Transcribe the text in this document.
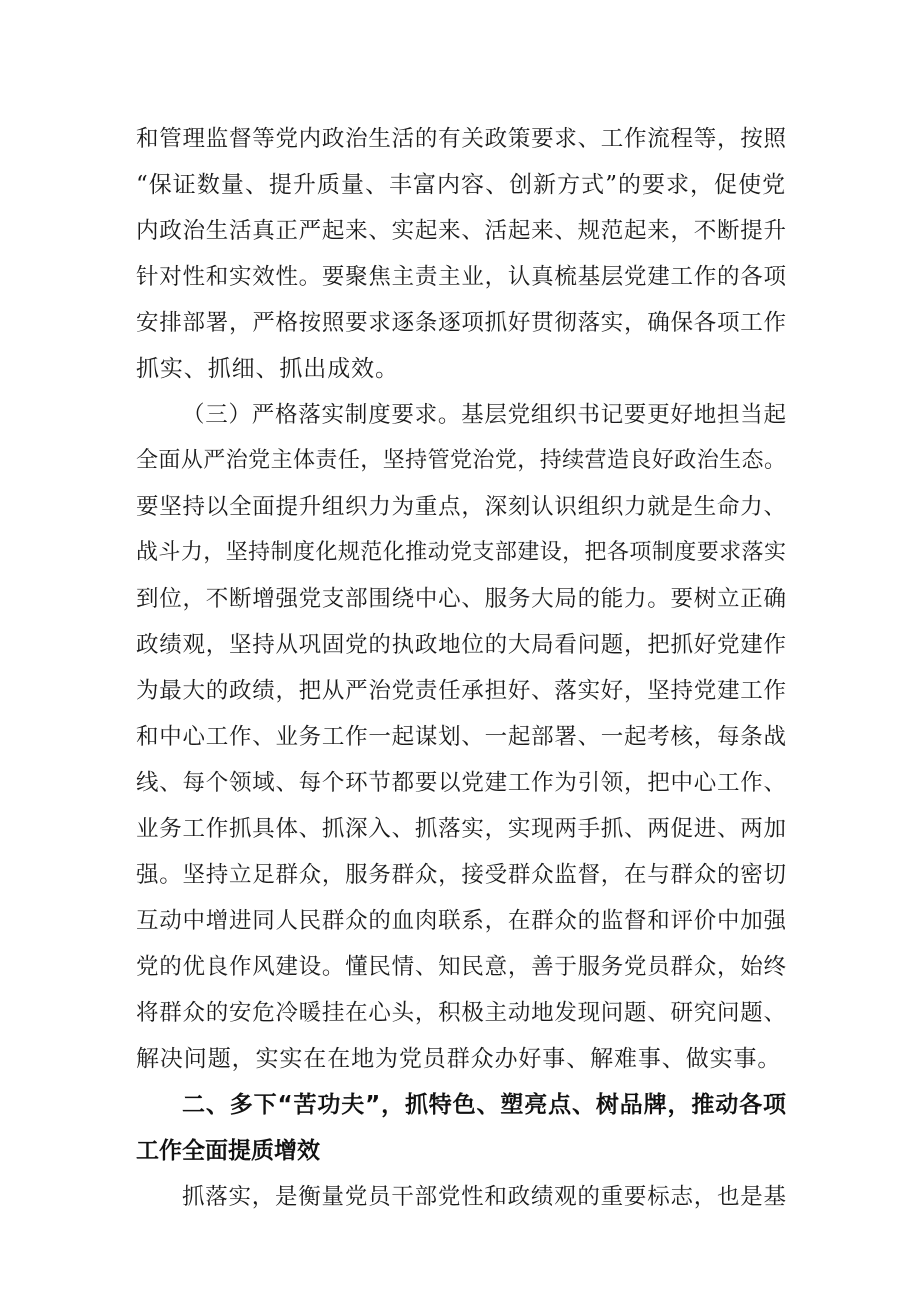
和管理监督等党内政治生活的有关政策要求、工作流程等，按照
“保证数量、提升质量、丰富内容、创新方式”的要求，促使党
内政治生活真正严起来、实起来、活起来、规范起来，不断提升
针对性和实效性。要聚焦主责主业，认真梳基层党建工作的各项
安排部署，严格按照要求逐条逐项抓好贯彻落实，确保各项工作
抓实、抓细、抓出成效。
（三）严格落实制度要求。基层党组织书记要更好地担当起
全面从严治党主体责任，坚持管党治党，持续营造良好政治生态。
要坚持以全面提升组织力为重点，深刻认识组织力就是生命力、
战斗力，坚持制度化规范化推动党支部建设，把各项制度要求落实
到位，不断增强党支部围绕中心、服务大局的能力。要树立正确
政绩观，坚持从巩固党的执政地位的大局看问题，把抓好党建作
为最大的政绩，把从严治党责任承担好、落实好，坚持党建工作
和中心工作、业务工作一起谋划、一起部署、一起考核，每条战
线、每个领域、每个环节都要以党建工作为引领，把中心工作、
业务工作抓具体、抓深入、抓落实，实现两手抓、两促进、两加
强。坚持立足群众，服务群众，接受群众监督，在与群众的密切
互动中增进同人民群众的血肉联系，在群众的监督和评价中加强
党的优良作风建设。懂民情、知民意，善于服务党员群众，始终
将群众的安危冷暖挂在心头，积极主动地发现问题、研究问题、
解决问题，实实在在地为党员群众办好事、解难事、做实事。
二、多下“苦功夫”，抓特色、塑亮点、树品牌，推动各项
工作全面提质增效
抓落实，是衡量党员干部党性和政绩观的重要标志，也是基
